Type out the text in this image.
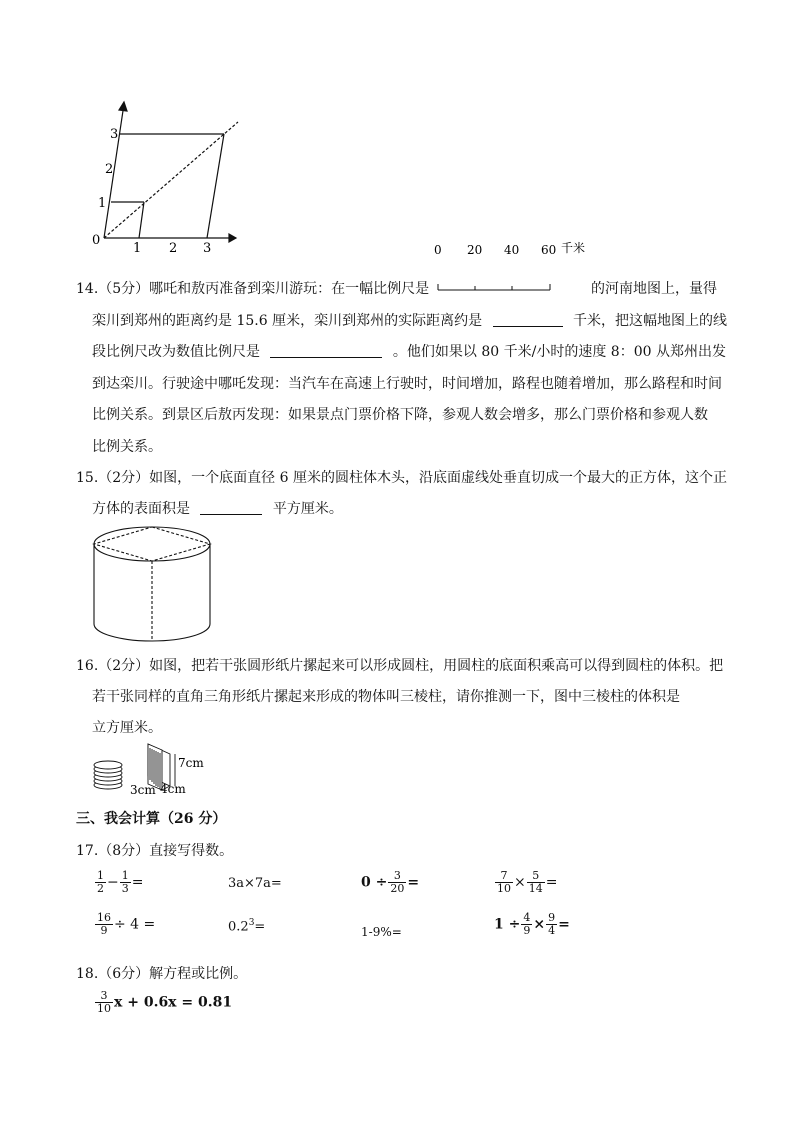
3
2
1
0
1 2 3
14.（5分）哪吒和敖丙准备到栾川游玩：在一幅比例尺是
0 20 40 60 千米
的河南地图上，量得
栾川到郑州的距离约是 15.6 厘米，栾川到郑州的实际距离约是	千米，把这幅地图上的线
段比例尺改为数值比例尺是	。他们如果以 80 千米/小时的速度 8：00 从郑州出发
到达栾川。行驶途中哪吒发现：当汽车在高速上行驶时，时间增加，路程也随着增加，那么路程和时间
比例关系。到景区后敖丙发现：如果景点门票价格下降，参观人数会增多，那么门票价格和参观人数
比例关系。
15.（2分）如图，一个底面直径 6 厘米的圆柱体木头，沿底面虚线处垂直切成一个最大的正方体，这个正
方体的表面积是	平方厘米。
16.（2分）如图，把若干张圆形纸片摞起来可以形成圆柱，用圆柱的底面积乘高可以得到圆柱的体积。把
若干张同样的直角三角形纸片摞起来形成的物体叫三棱柱，请你推测一下，图中三棱柱的体积是
立方厘米。
7cm
3cm 4cm
三、我会计算（26 分）
17.（8分）直接写得数。
$\frac{1}{2} - \frac{1}{3}$ =	3a×7a=	$0 \div \frac{3}{20}$ =	$\frac{7}{10} \times \frac{5}{14}$ =
$\frac{16}{9} \div 4$ =	$0.2^3=$	1-9%=	$1 \div \frac{4}{9} \times \frac{9}{4}$ =
18.（6分）解方程或比例。
$\frac{3}{10}$ x + 0.6x = 0.81
